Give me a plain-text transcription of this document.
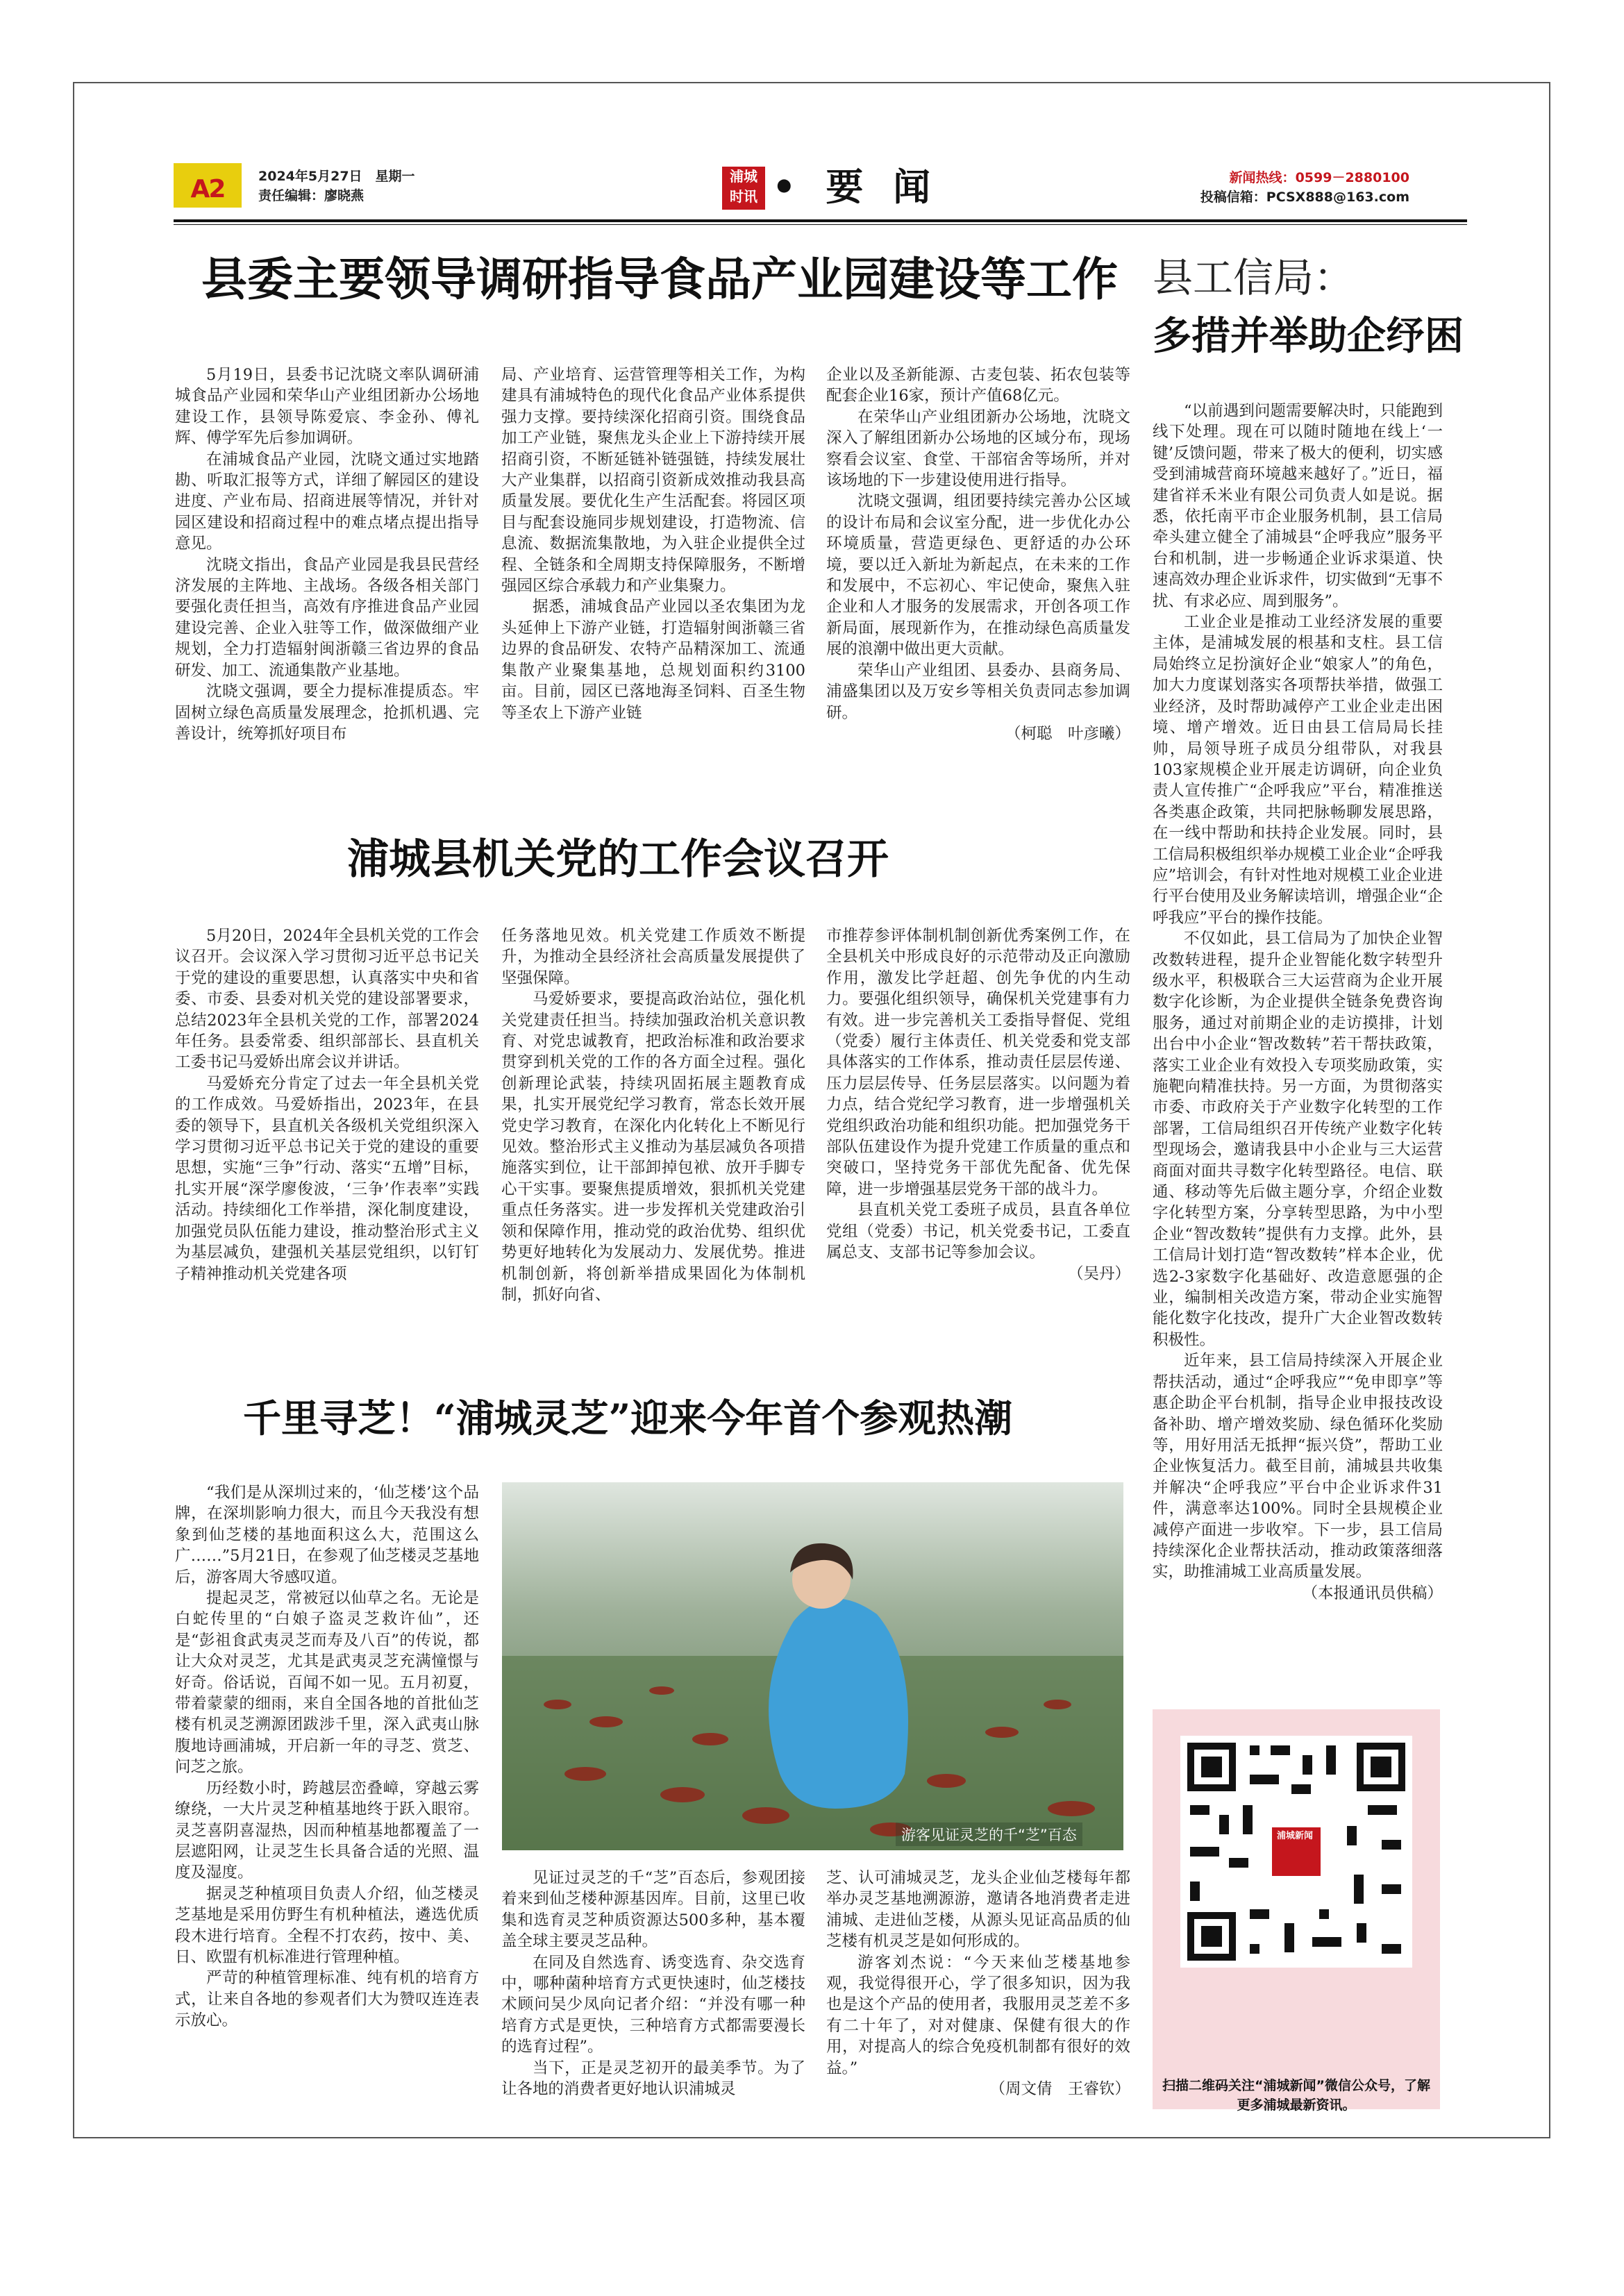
A2	2024年5月27日　星期一
责任编辑：廖晓燕
浦城
时讯 • 要 闻	新闻热线：0599－2880100
投稿信箱：PCSX888@163.com
县委主要领导调研指导食品产业园建设等工作

5月19日，县委书记沈晓文率队调研浦城食品产业园和荣华山产业组团新办公场地建设工作，县领导陈爱宸、李金孙、傅礼辉、傅学军先后参加调研。

在浦城食品产业园，沈晓文通过实地踏勘、听取汇报等方式，详细了解园区的建设进度、产业布局、招商进展等情况，并针对园区建设和招商过程中的难点堵点提出指导意见。

沈晓文指出，食品产业园是我县民营经济发展的主阵地、主战场。各级各相关部门要强化责任担当，高效有序推进食品产业园建设完善、企业入驻等工作，做深做细产业规划，全力打造辐射闽浙赣三省边界的食品研发、加工、流通集散产业基地。

沈晓文强调，要全力提标准提质态。牢固树立绿色高质量发展理念，抢抓机遇、完善设计，统筹抓好项目布

局、产业培育、运营管理等相关工作，为构建具有浦城特色的现代化食品产业体系提供强力支撑。要持续深化招商引资。围绕食品加工产业链，聚焦龙头企业上下游持续开展招商引资，不断延链补链强链，持续发展壮大产业集群，以招商引资新成效推动我县高质量发展。要优化生产生活配套。将园区项目与配套设施同步规划建设，打造物流、信息流、数据流集散地，为入驻企业提供全过程、全链条和全周期支持保障服务，不断增强园区综合承载力和产业集聚力。

据悉，浦城食品产业园以圣农集团为龙头延伸上下游产业链，打造辐射闽浙赣三省边界的食品研发、农特产品精深加工、流通集散产业聚集基地，总规划面积约3100亩。目前，园区已落地海圣饲料、百圣生物等圣农上下游产业链

企业以及圣新能源、古麦包装、拓农包装等配套企业16家，预计产值68亿元。

在荣华山产业组团新办公场地，沈晓文深入了解组团新办公场地的区域分布，现场察看会议室、食堂、干部宿舍等场所，并对该场地的下一步建设使用进行指导。

沈晓文强调，组团要持续完善办公区域的设计布局和会议室分配，进一步优化办公环境质量，营造更绿色、更舒适的办公环境，要以迁入新址为新起点，在未来的工作和发展中，不忘初心、牢记使命，聚焦入驻企业和人才服务的发展需求，开创各项工作新局面，展现新作为，在推动绿色高质量发展的浪潮中做出更大贡献。

荣华山产业组团、县委办、县商务局、浦盛集团以及万安乡等相关负责同志参加调研。

（柯聪　叶彦曦）
浦城县机关党的工作会议召开

5月20日，2024年全县机关党的工作会议召开。会议深入学习贯彻习近平总书记关于党的建设的重要思想，认真落实中央和省委、市委、县委对机关党的建设部署要求，总结2023年全县机关党的工作，部署2024年任务。县委常委、组织部部长、县直机关工委书记马爱娇出席会议并讲话。

马爱娇充分肯定了过去一年全县机关党的工作成效。马爱娇指出，2023年，在县委的领导下，县直机关各级机关党组织深入学习贯彻习近平总书记关于党的建设的重要思想，实施“三争”行动、落实“五增”目标，扎实开展“深学廖俊波，‘三争’作表率”实践活动。持续细化工作举措，深化制度建设，加强党员队伍能力建设，推动整治形式主义为基层减负，建强机关基层党组织，以钉钉子精神推动机关党建各项

任务落地见效。机关党建工作质效不断提升，为推动全县经济社会高质量发展提供了坚强保障。

马爱娇要求，要提高政治站位，强化机关党建责任担当。持续加强政治机关意识教育、对党忠诚教育，把政治标准和政治要求贯穿到机关党的工作的各方面全过程。强化创新理论武装，持续巩固拓展主题教育成果，扎实开展党纪学习教育，常态长效开展党史学习教育，在深化内化转化上不断见行见效。整治形式主义推动为基层减负各项措施落实到位，让干部卸掉包袱、放开手脚专心干实事。要聚焦提质增效，狠抓机关党建重点任务落实。进一步发挥机关党建政治引领和保障作用，推动党的政治优势、组织优势更好地转化为发展动力、发展优势。推进机制创新，将创新举措成果固化为体制机制，抓好向省、

市推荐参评体制机制创新优秀案例工作，在全县机关中形成良好的示范带动及正向激励作用，激发比学赶超、创先争优的内生动力。要强化组织领导，确保机关党建事有力有效。进一步完善机关工委指导督促、党组（党委）履行主体责任、机关党委和党支部具体落实的工作体系，推动责任层层传递、压力层层传导、任务层层落实。以问题为着力点，结合党纪学习教育，进一步增强机关党组织政治功能和组织功能。把加强党务干部队伍建设作为提升党建工作质量的重点和突破口，坚持党务干部优先配备、优先保障，进一步增强基层党务干部的战斗力。

县直机关党工委班子成员，县直各单位党组（党委）书记，机关党委书记，工委直属总支、支部书记等参加会议。

（吴丹）
千里寻芝！“浦城灵芝”迎来今年首个参观热潮

“我们是从深圳过来的，‘仙芝楼’这个品牌，在深圳影响力很大，而且今天我没有想象到仙芝楼的基地面积这么大，范围这么广……”5月21日，在参观了仙芝楼灵芝基地后，游客周大爷感叹道。

提起灵芝，常被冠以仙草之名。无论是白蛇传里的“白娘子盗灵芝救许仙”，还是“彭祖食武夷灵芝而寿及八百”的传说，都让大众对灵芝，尤其是武夷灵芝充满憧憬与好奇。俗话说，百闻不如一见。五月初夏，带着蒙蒙的细雨，来自全国各地的首批仙芝楼有机灵芝溯源团跋涉千里，深入武夷山脉腹地诗画浦城，开启新一年的寻芝、赏芝、问芝之旅。

历经数小时，跨越层峦叠嶂，穿越云雾缭绕，一大片灵芝种植基地终于跃入眼帘。灵芝喜阴喜湿热，因而种植基地都覆盖了一层遮阳网，让灵芝生长具备合适的光照、温度及湿度。

据灵芝种植项目负责人介绍，仙芝楼灵芝基地是采用仿野生有机种植法，遴选优质段木进行培育。全程不打农药，按中、美、日、欧盟有机标准进行管理种植。

严苛的种植管理标准、纯有机的培育方式，让来自各地的参观者们大为赞叹连连表示放心。

游客见证灵芝的千“芝”百态

见证过灵芝的千“芝”百态后，参观团接着来到仙芝楼种源基因库。目前，这里已收集和选育灵芝种质资源达500多种，基本覆盖全球主要灵芝品种。

在同及自然选育、诱变选育、杂交选育中，哪种菌种培育方式更快速时，仙芝楼技术顾问吴少凤向记者介绍：“并没有哪一种培育方式是更快，三种培育方式都需要漫长的选育过程”。

当下，正是灵芝初开的最美季节。为了让各地的消费者更好地认识浦城灵

芝、认可浦城灵芝，龙头企业仙芝楼每年都举办灵芝基地溯源游，邀请各地消费者走进浦城、走进仙芝楼，从源头见证高品质的仙芝楼有机灵芝是如何形成的。

游客刘杰说：“今天来仙芝楼基地参观，我觉得很开心，学了很多知识，因为我也是这个产品的使用者，我服用灵芝差不多有二十年了，对对健康、保健有很大的作用，对提高人的综合免疫机制都有很好的效益。”

（周文倩　王睿钦）
县工信局：
多措并举助企纾困

“以前遇到问题需要解决时，只能跑到线下处理。现在可以随时随地在线上‘一键’反馈问题，带来了极大的便利，切实感受到浦城营商环境越来越好了。”近日，福建省祥禾米业有限公司负责人如是说。据悉，依托南平市企业服务机制，县工信局牵头建立健全了浦城县“企呼我应”服务平台和机制，进一步畅通企业诉求渠道、快速高效办理企业诉求件，切实做到“无事不扰、有求必应、周到服务”。

工业企业是推动工业经济发展的重要主体，是浦城发展的根基和支柱。县工信局始终立足扮演好企业“娘家人”的角色，加大力度谋划落实各项帮扶举措，做强工业经济，及时帮助减停产工业企业走出困境、增产增效。近日由县工信局局长挂帅，局领导班子成员分组带队，对我县103家规模企业开展走访调研，向企业负责人宣传推广“企呼我应”平台，精准推送各类惠企政策，共同把脉畅聊发展思路，在一线中帮助和扶持企业发展。同时，县工信局积极组织举办规模工业企业“企呼我应”培训会，有针对性地对规模工业企业进行平台使用及业务解读培训，增强企业“企呼我应”平台的操作技能。

不仅如此，县工信局为了加快企业智改数转进程，提升企业智能化数字转型升级水平，积极联合三大运营商为企业开展数字化诊断，为企业提供全链条免费咨询服务，通过对前期企业的走访摸排，计划出台中小企业“智改数转”若干帮扶政策，落实工业企业有效投入专项奖励政策，实施靶向精准扶持。另一方面，为贯彻落实市委、市政府关于产业数字化转型的工作部署，工信局组织召开传统产业数字化转型现场会，邀请我县中小企业与三大运营商面对面共寻数字化转型路径。电信、联通、移动等先后做主题分享，介绍企业数字化转型方案，分享转型思路，为中小型企业“智改数转”提供有力支撑。此外，县工信局计划打造“智改数转”样本企业，优选2-3家数字化基础好、改造意愿强的企业，编制相关改造方案，带动企业实施智能化数字化技改，提升广大企业智改数转积极性。

近年来，县工信局持续深入开展企业帮扶活动，通过“企呼我应”“免申即享”等惠企助企平台机制，指导企业申报技改设备补助、增产增效奖励、绿色循环化奖励等，用好用活无抵押“振兴贷”，帮助工业企业恢复活力。截至目前，浦城县共收集并解决“企呼我应”平台中企业诉求件31件，满意率达100%。同时全县规模企业减停产面进一步收窄。下一步，县工信局持续深化企业帮扶活动，推动政策落细落实，助推浦城工业高质量发展。

（本报通讯员供稿）
浦城新闻
扫描二维码关注“浦城新闻”微信公众号，了解更多浦城最新资讯。
